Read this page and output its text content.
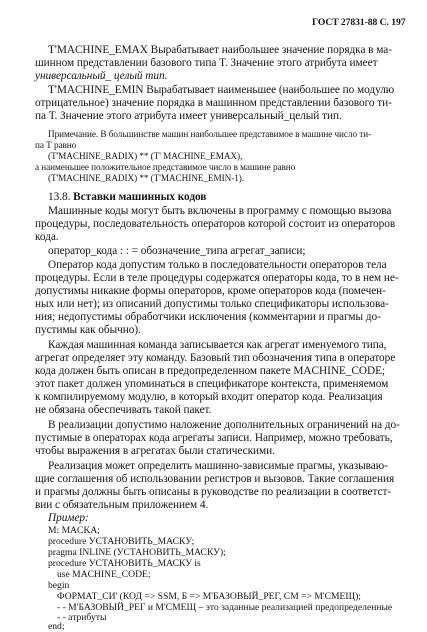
ГОСТ 27831-88 С. 197
T'MACHINE_EMAX Вырабатывает наибольшее значение порядка в ма-
шинном представлении базового типа Т. Значение этого атрибута имеет
универсальный_ целый тип.
T'MACHINE_EMIN Вырабатывает наименьшее (наибольшее по модулю
отрицательное) значение порядка в машинном представлении базового ти-
па Т. Значение этого атрибута имеет универсальный_целый тип.
Примечание. В большинстве машин наибольшее представимое в машине число ти-
па Т равно
(T'MACHINE_RADIX) ** (T' MACHINE_EMAX),
а наименьшее положительное представимое число в машине равно
(T'MACHINE_RADIX) ** (T'MACHINE_EMIN-1).
13.8. Вставки машинных кодов
Машинные коды могут быть включены в программу с помощью вызова
процедуры, последовательность операторов которой состоит из операторов
кода.
оператор_кода : : = обозначение_типа агрегат_записи;
Оператор кода допустим только в последовательности операторов тела
процедуры. Если в теле процедуры содержатся операторы кода, то в нем не-
допустимы никакие формы операторов, кроме операторов кода (помечен-
ных или нет); из описаний допустимы только спецификаторы использова-
ния; недопустимы обработчики исключения (комментарии и прагмы до-
пустимы как обычно).
Каждая машинная команда записывается как агрегат именуемого типа,
агрегат определяет эту команду. Базовый тип обозначения типа в операторе
кода должен быть описан в предопределенном пакете MACHINE_CODE;
этот пакет должен упоминаться в спецификаторе контекста, применяемом
к компилируемому модулю, в который входит оператор кода. Реализация
не обязана обеспечивать такой пакет.
В реализации допустимо наложение дополнительных ограничений на до-
пустимые в операторах кода агрегаты записи. Например, можно требовать,
чтобы выражения в агрегатах были статическими.
Реализация может определить машинно-зависимые прагмы, указываю-
щие соглашения об использовании регистров и вызовов. Такие соглашения
и прагмы должны быть описаны в руководстве по реализации в соответст-
вии с обязательным приложением 4.
Пример:
M: MACKA;
procedure УСТАНОВИТЬ_МАСКУ;
pragma INLINE (УСТАНОВИТЬ_МАСКУ);
procedure УСТАНОВИТЬ_МАСКУ is
use MACHINE_CODE;
begin
ФОРМАТ_СИ' (КОД => SSM, Б => M'БАЗОВЫЙ_РЕГ, СМ => M'СМЕЩ);
- - M'БАЗОВЫЙ_РЕГ и M'СМЕЩ – это заданные реализацией предопределенные
- - атрибуты
end;
